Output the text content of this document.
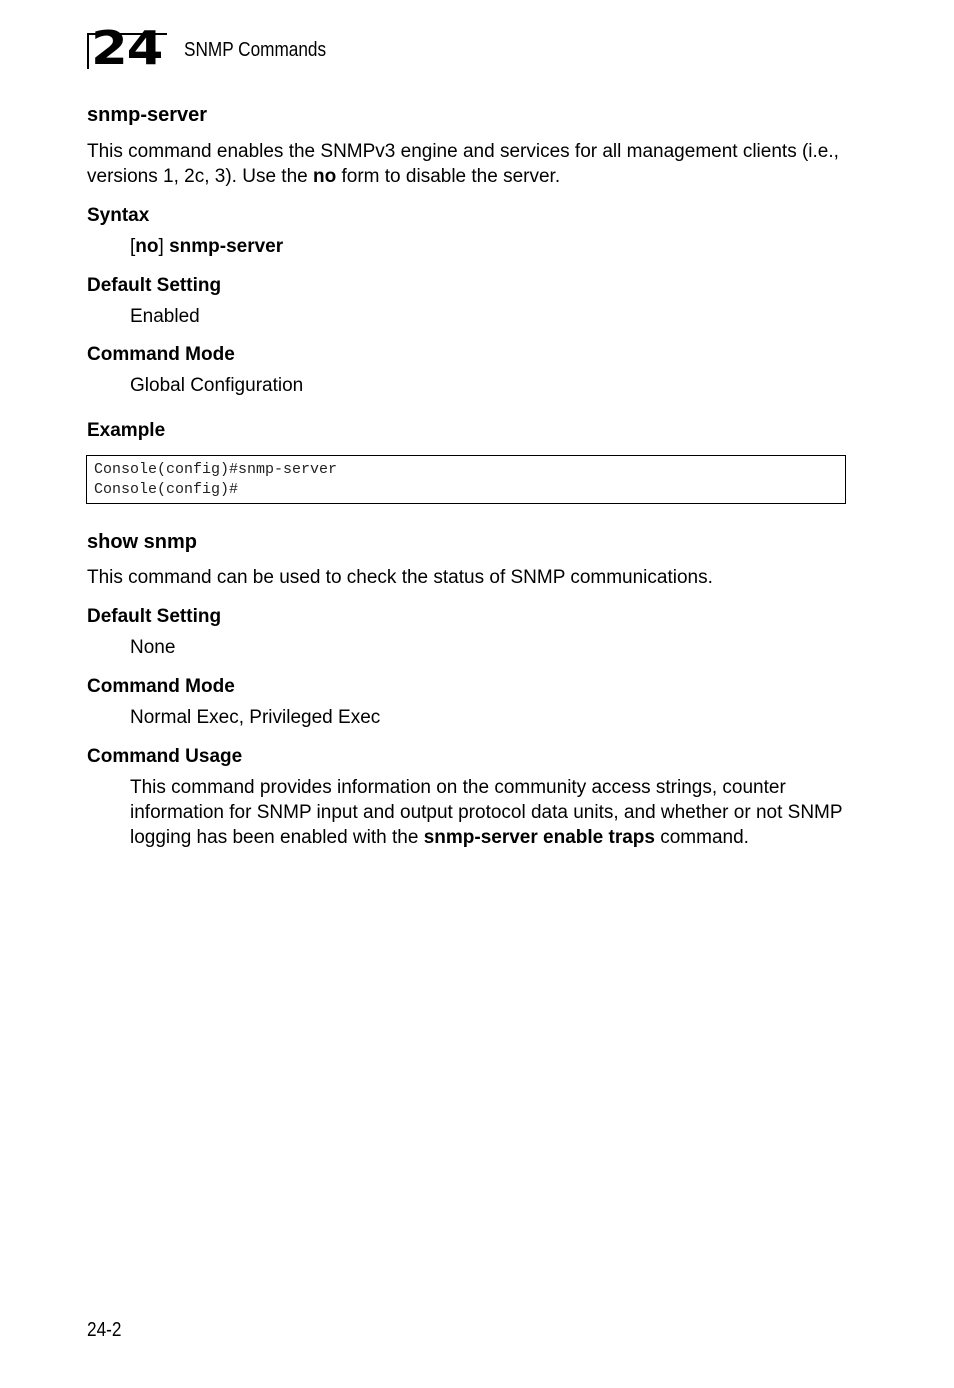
24 SNMP Commands
snmp-server
This command enables the SNMPv3 engine and services for all management clients (i.e., versions 1, 2c, 3). Use the no form to disable the server.
Syntax
[no] snmp-server
Default Setting
Enabled
Command Mode
Global Configuration
Example
Console(config)#snmp-server
Console(config)#
show snmp
This command can be used to check the status of SNMP communications.
Default Setting
None
Command Mode
Normal Exec, Privileged Exec
Command Usage
This command provides information on the community access strings, counter information for SNMP input and output protocol data units, and whether or not SNMP logging has been enabled with the snmp-server enable traps command.
24-2
